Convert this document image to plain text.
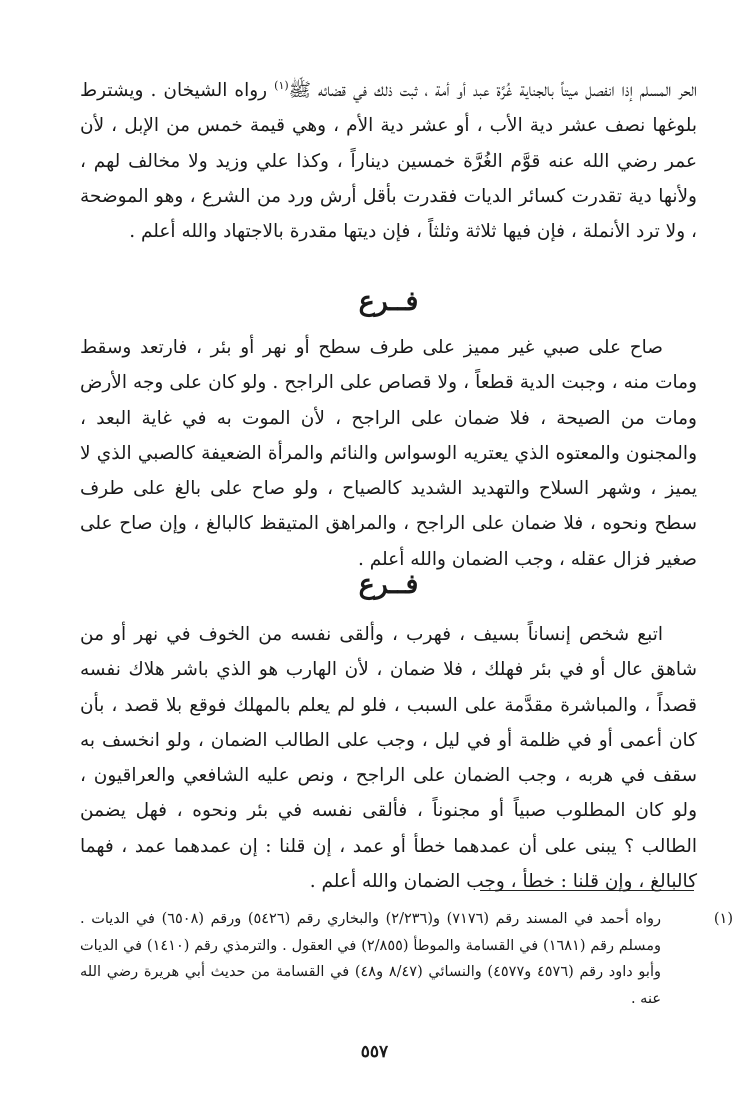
الحر المسلم إذا انفصل ميتاً بالجناية غُرَّة عبد أو أمة ، ثبت ذلك في قضائه ﷺ$^{(١)}$ رواه الشيخان . ويشترط بلوغها نصف عشر دية الأب ، أو عشر دية الأم ، وهي قيمة خمس من الإبل ، لأن عمر رضي الله عنه قوَّم الغُرَّة خمسين ديناراً ، وكذا علي وزيد ولا مخالف لهم ، ولأنها دية تقدرت كسائر الديات فقدرت بأقل أرش ورد من الشرع ، وهو الموضحة ، ولا ترد الأنملة ، فإن فيها ثلاثة وثلثاً ، فإن ديتها مقدرة بالاجتهاد والله أعلم .

فــرع

صاح على صبي غير مميز على طرف سطح أو نهر أو بئر ، فارتعد وسقط ومات منه ، وجبت الدية قطعاً ، ولا قصاص على الراجح . ولو كان على وجه الأرض ومات من الصيحة ، فلا ضمان على الراجح ، لأن الموت به في غاية البعد ، والمجنون والمعتوه الذي يعتريه الوسواس والنائم والمرأة الضعيفة كالصبي الذي لا يميز ، وشهر السلاح والتهديد الشديد كالصياح ، ولو صاح على بالغ على طرف سطح ونحوه ، فلا ضمان على الراجح ، والمراهق المتيقظ كالبالغ ، وإن صاح على صغير فزال عقله ، وجب الضمان والله أعلم .

فــرع

اتبع شخص إنساناً بسيف ، فهرب ، وألقى نفسه من الخوف في نهر أو من شاهق عال أو في بئر فهلك ، فلا ضمان ، لأن الهارب هو الذي باشر هلاك نفسه قصداً ، والمباشرة مقدَّمة على السبب ، فلو لم يعلم بالمهلك فوقع بلا قصد ، بأن كان أعمى أو في ظلمة أو في ليل ، وجب على الطالب الضمان ، ولو انخسف به سقف في هربه ، وجب الضمان على الراجح ، ونص عليه الشافعي والعراقيون ، ولو كان المطلوب صبياً أو مجنوناً ، فألقى نفسه في بئر ونحوه ، فهل يضمن الطالب ؟ يبنى على أن عمدهما خطأ أو عمد ، إن قلنا : إن عمدهما عمد ، فهما كالبالغ ، وإن قلنا : خطأ ، وجب الضمان والله أعلم .

(١)رواه أحمد في المسند رقم (٧١٧٦) و(٢/٢٣٦) والبخاري رقم (٥٤٢٦) ورقم (٦٥٠٨) في الديات . ومسلم رقم (١٦٨١) في القسامة والموطأ (٢/٨٥٥) في العقول . والترمذي رقم (١٤١٠) في الديات وأبو داود رقم (٤٥٧٦ و٤٥٧٧) والنسائي (٨/٤٧ و٤٨) في القسامة من حديث أبي هريرة رضي الله عنه .

٥٥٧
